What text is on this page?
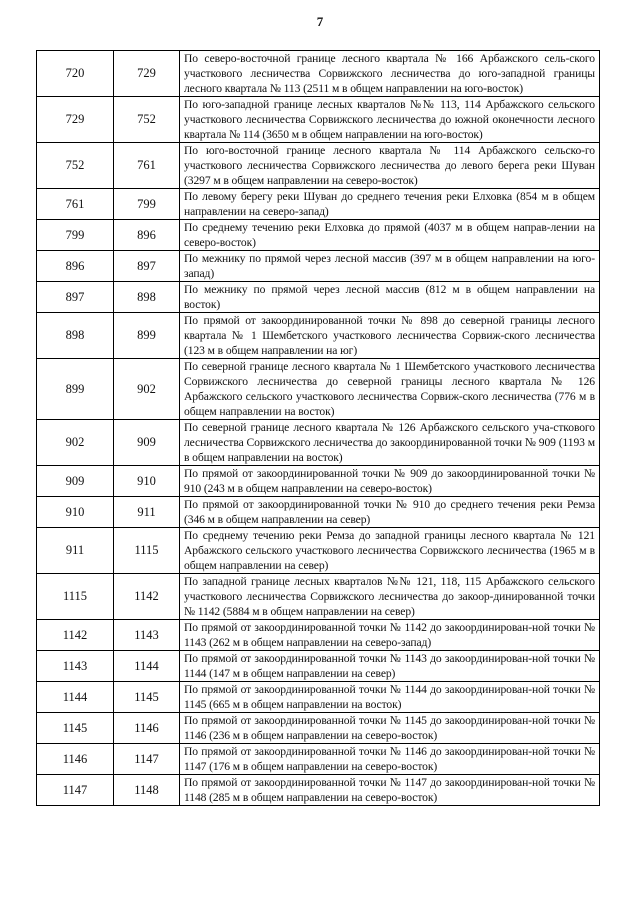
7
720	729	По северо-восточной границе лесного квартала № 166 Арбажского сель-ского участкового лесничества Сорвижского лесничества до юго-западной границы лесного квартала № 113 (2511 м в общем направлении на юго-восток)
729	752	По юго-западной границе лесных кварталов №№ 113, 114 Арбажского сельского участкового лесничества Сорвижского лесничества до южной оконечности лесного квартала № 114 (3650 м в общем направлении на юго-восток)
752	761	По юго-восточной границе лесного квартала № 114 Арбажского сельско-го участкового лесничества Сорвижского лесничества до левого берега реки Шуван (3297 м в общем направлении на северо-восток)
761	799	По левому берегу реки Шуван до среднего течения реки Елховка (854 м в общем направлении на северо-запад)
799	896	По среднему течению реки Елховка до прямой (4037 м в общем направ-лении на северо-восток)
896	897	По межнику по прямой через лесной массив (397 м в общем направлении на юго-запад)
897	898	По межнику по прямой через лесной массив (812 м в общем направлении на восток)
898	899	По прямой от закоординированной точки № 898 до северной границы лесного квартала № 1 Шембетского участкового лесничества Сорвиж-ского лесничества (123 м в общем направлении на юг)
899	902	По северной границе лесного квартала № 1 Шембетского участкового лесничества Сорвижского лесничества до северной границы лесного квартала № 126 Арбажского сельского участкового лесничества Сорвиж-ского лесничества (776 м в общем направлении на восток)
902	909	По северной границе лесного квартала № 126 Арбажского сельского уча-сткового лесничества Сорвижского лесничества до закоординированной точки № 909 (1193 м в общем направлении на восток)
909	910	По прямой от закоординированной точки № 909 до закоординированной точки № 910 (243 м в общем направлении на северо-восток)
910	911	По прямой от закоординированной точки № 910 до среднего течения реки Ремза (346 м в общем направлении на север)
911	1115	По среднему течению реки Ремза до западной границы лесного квартала № 121 Арбажского сельского участкового лесничества Сорвижского лесничества (1965 м в общем направлении на север)
1115	1142	По западной границе лесных кварталов №№ 121, 118, 115 Арбажского сельского участкового лесничества Сорвижского лесничества до закоор-динированной точки № 1142 (5884 м в общем направлении на север)
1142	1143	По прямой от закоординированной точки № 1142 до закоординирован-ной точки № 1143 (262 м в общем направлении на северо-запад)
1143	1144	По прямой от закоординированной точки № 1143 до закоординирован-ной точки № 1144 (147 м в общем направлении на север)
1144	1145	По прямой от закоординированной точки № 1144 до закоординирован-ной точки № 1145 (665 м в общем направлении на восток)
1145	1146	По прямой от закоординированной точки № 1145 до закоординирован-ной точки № 1146 (236 м в общем направлении на северо-восток)
1146	1147	По прямой от закоординированной точки № 1146 до закоординирован-ной точки № 1147 (176 м в общем направлении на северо-восток)
1147	1148	По прямой от закоординированной точки № 1147 до закоординирован-ной точки № 1148 (285 м в общем направлении на северо-восток)
